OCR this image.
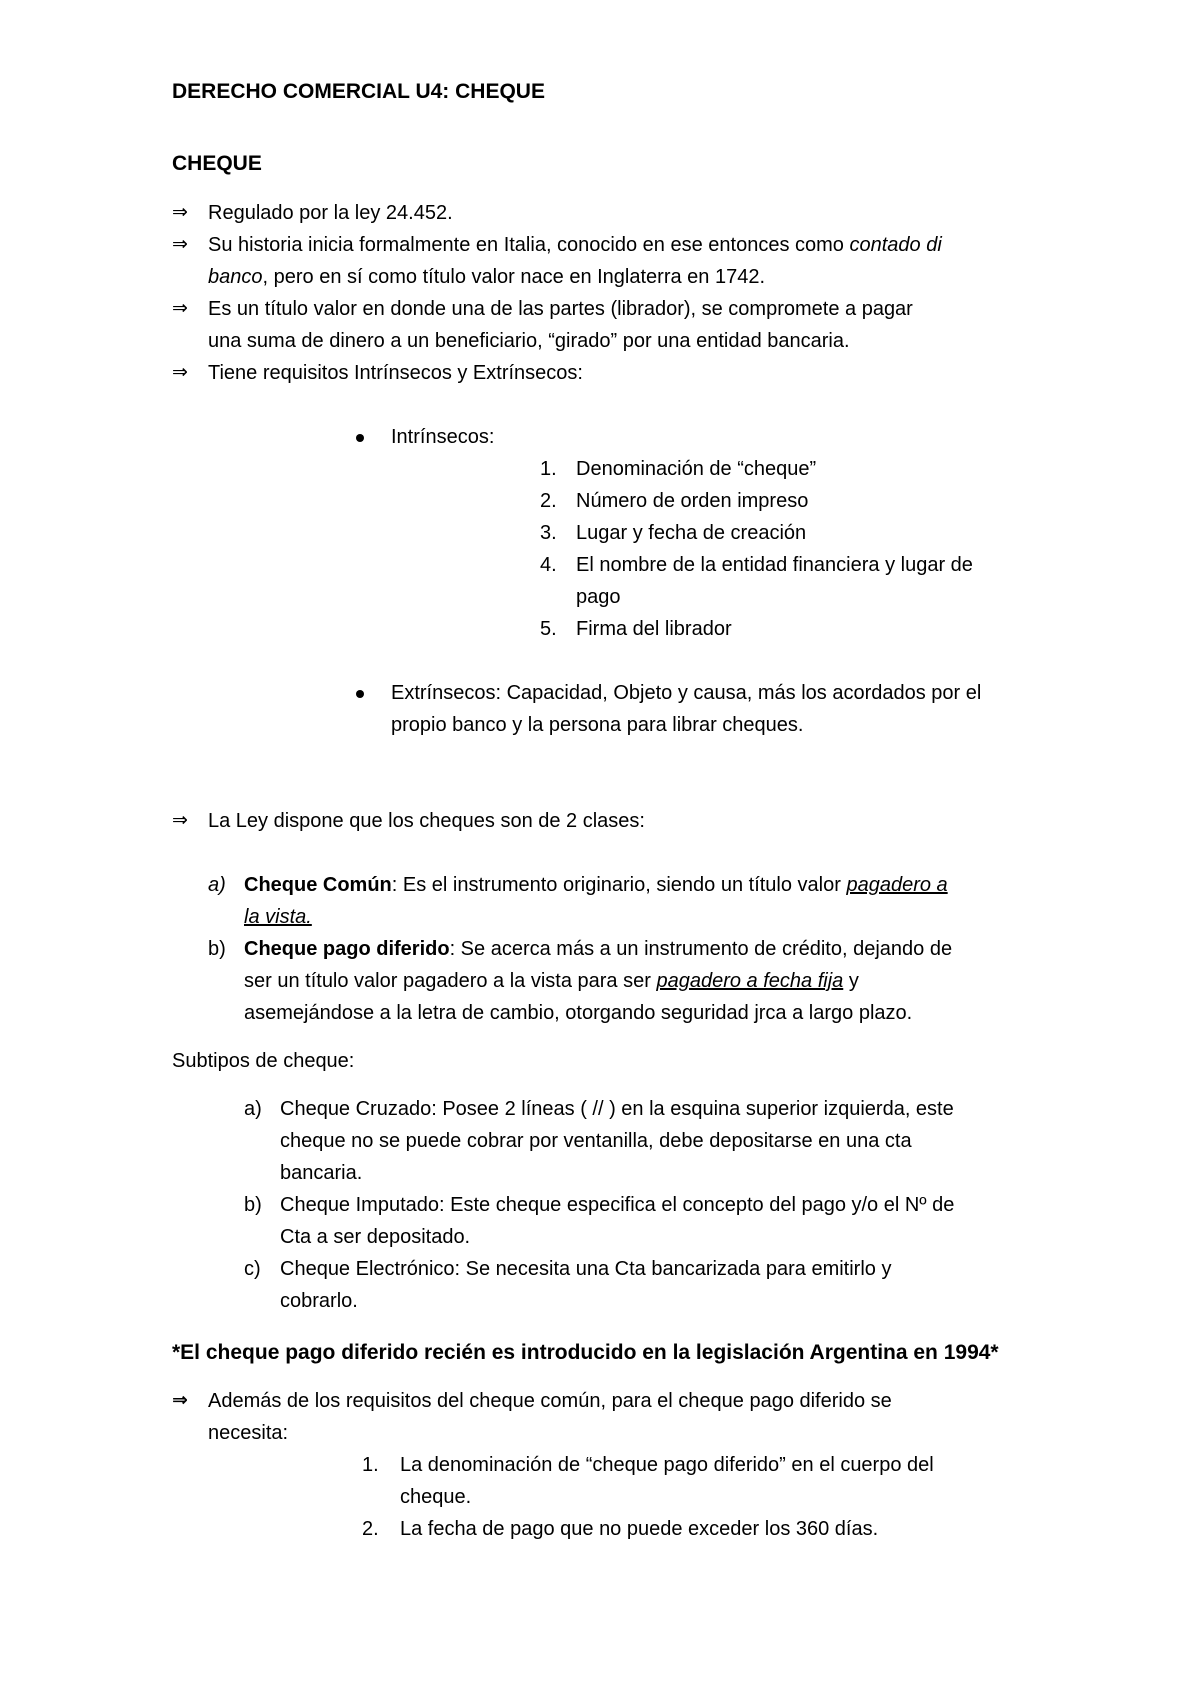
DERECHO COMERCIAL U4: CHEQUE
CHEQUE
⇒ Regulado por la ley 24.452.
⇒ Su historia inicia formalmente en Italia, conocido en ese entonces como contado di
banco, pero en sí como título valor nace en Inglaterra en 1742.
⇒ Es un título valor en donde una de las partes (librador), se compromete a pagar
una suma de dinero a un beneficiario, “girado” por una entidad bancaria.
⇒ Tiene requisitos Intrínsecos y Extrínsecos:
Intrínsecos:
1. Denominación de “cheque”
2. Número de orden impreso
3. Lugar y fecha de creación
4. El nombre de la entidad financiera y lugar de
pago
5. Firma del librador
Extrínsecos: Capacidad, Objeto y causa, más los acordados por el
propio banco y la persona para librar cheques.
⇒ La Ley dispone que los cheques son de 2 clases:
a) Cheque Común: Es el instrumento originario, siendo un título valor pagadero a
la vista.
b) Cheque pago diferido: Se acerca más a un instrumento de crédito, dejando de
ser un título valor pagadero a la vista para ser pagadero a fecha fija y
asemejándose a la letra de cambio, otorgando seguridad jrca a largo plazo.
Subtipos de cheque:
a) Cheque Cruzado: Posee 2 líneas ( // ) en la esquina superior izquierda, este
cheque no se puede cobrar por ventanilla, debe depositarse en una cta
bancaria.
b) Cheque Imputado: Este cheque especifica el concepto del pago y/o el Nº de
Cta a ser depositado.
c) Cheque Electrónico: Se necesita una Cta bancarizada para emitirlo y
cobrarlo.
*El cheque pago diferido recién es introducido en la legislación Argentina en 1994*
⇒ Además de los requisitos del cheque común, para el cheque pago diferido se
necesita:
1. La denominación de “cheque pago diferido” en el cuerpo del
cheque.
2. La fecha de pago que no puede exceder los 360 días.
